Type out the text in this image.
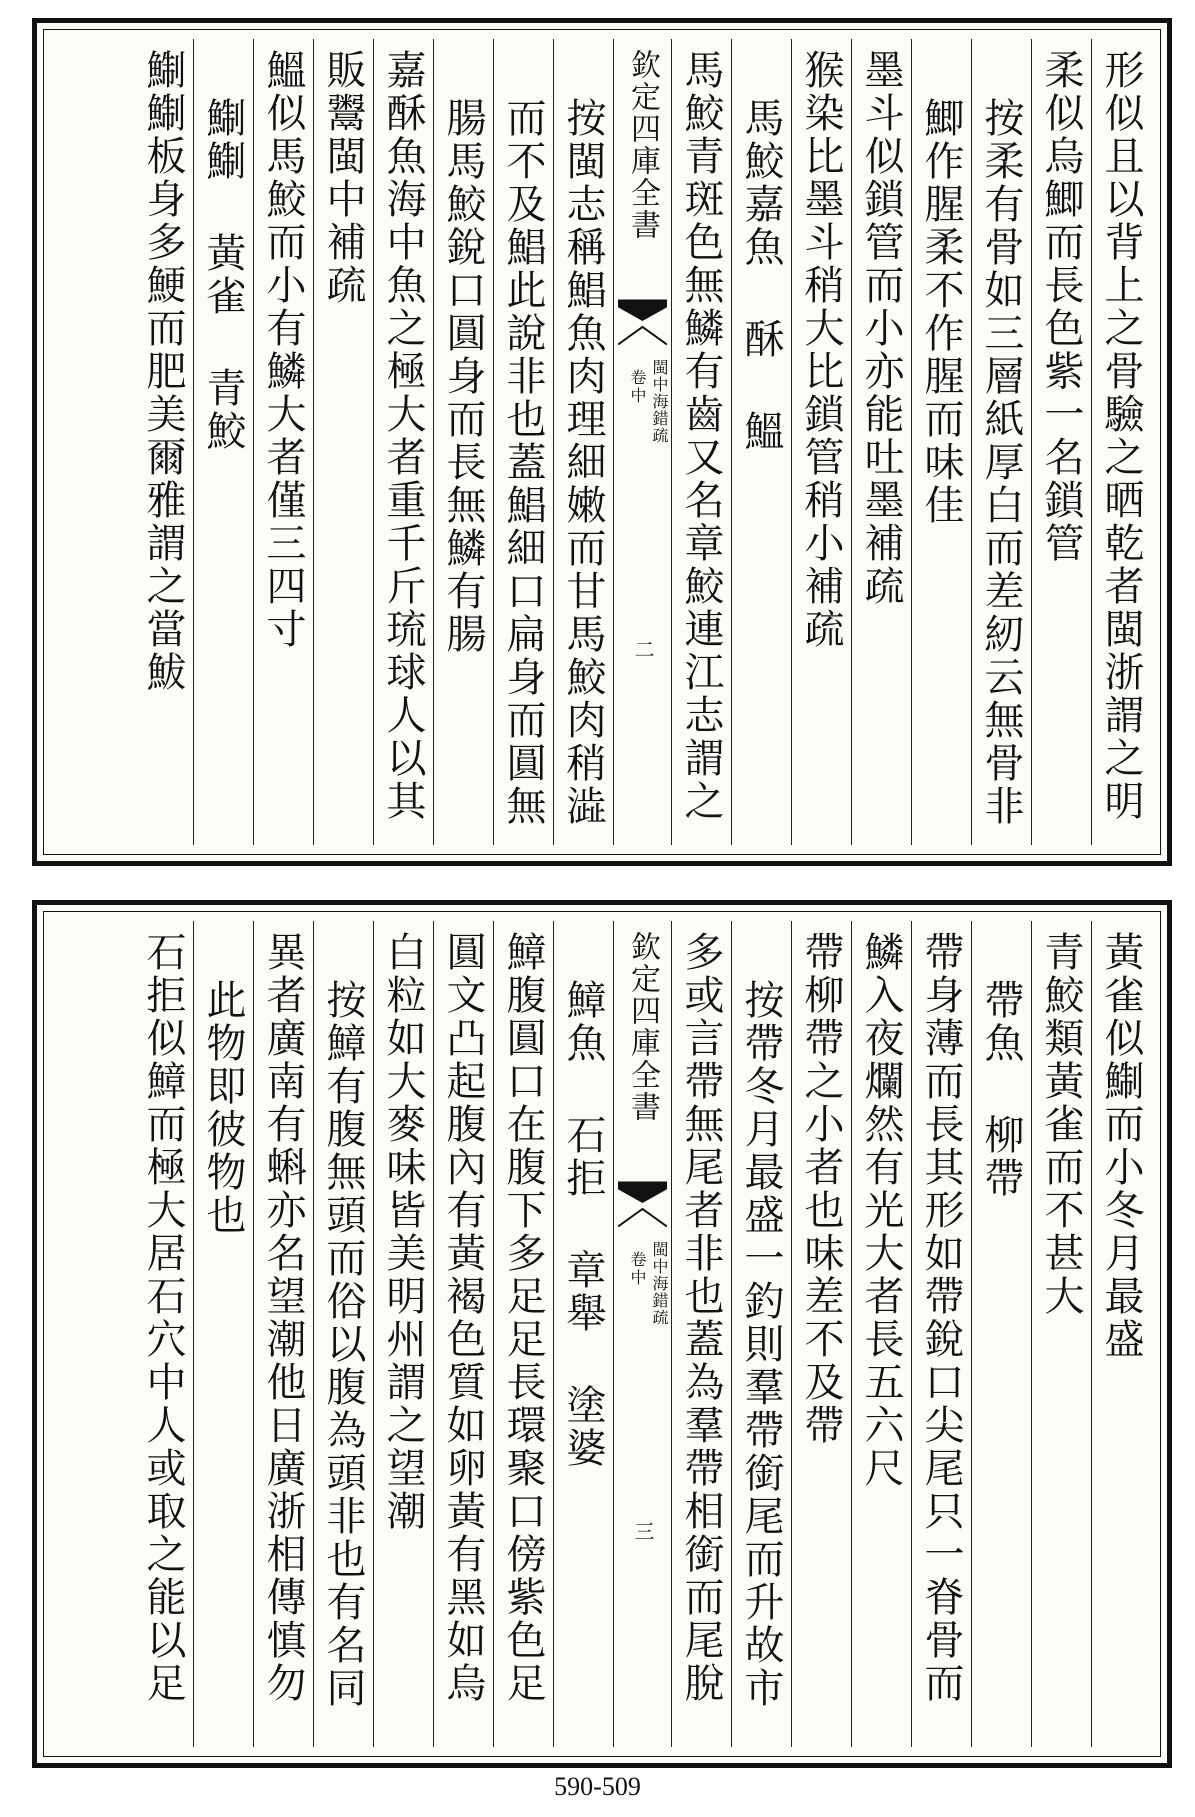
形似且以背上之骨驗之晒乾者閩浙謂之明
柔似烏鯽而長色紫一名鎖管
按柔有骨如三層紙厚白而差紉云無骨非
鯽作腥柔不作腥而味佳
墨斗似鎖管而小亦能吐墨補疏
猴染比墨斗稍大比鎖管稍小補疏
馬鮫嘉魚 酥 鰮
馬鮫青斑色無鱗有齒又名章鮫連江志謂之
欽定四庫全書
閩中海錯疏
卷中
二
按閩志稱鯧魚肉理細嫩而甘馬鮫肉稍澁
而不及鯧此說非也蓋鯧細口扁身而圓無
腸馬鮫銳口圓身而長無鱗有腸
嘉酥魚海中魚之極大者重千斤琉球人以其
販鬻閩中補疏
鰮似馬鮫而小有鱗大者僅三四寸
鯯鯯 黃雀 青鮫
鯯鯯板身多鯁而肥美爾雅謂之當鮁
黃雀似鯯而小冬月最盛
青鮫類黃雀而不甚大
帶魚 柳帶
帶身薄而長其形如帶銳口尖尾只一脊骨而
鱗入夜爛然有光大者長五六尺
帶柳帶之小者也味差不及帶
按帶冬月最盛一釣則羣帶銜尾而升故市
多或言帶無尾者非也蓋為羣帶相銜而尾脫
欽定四庫全書
閩中海錯疏
卷中
三
鱆魚 石拒 章舉 塗婆
鱆腹圓口在腹下多足足長環聚口傍紫色足
圓文凸起腹內有黃褐色質如卵黃有黑如烏
白粒如大麥味皆美明州謂之望潮
按鱆有腹無頭而俗以腹為頭非也有名同
異者廣南有蝌亦名望潮他日廣浙相傳慎勿
此物即彼物也
石拒似鱆而極大居石穴中人或取之能以足
590-509
